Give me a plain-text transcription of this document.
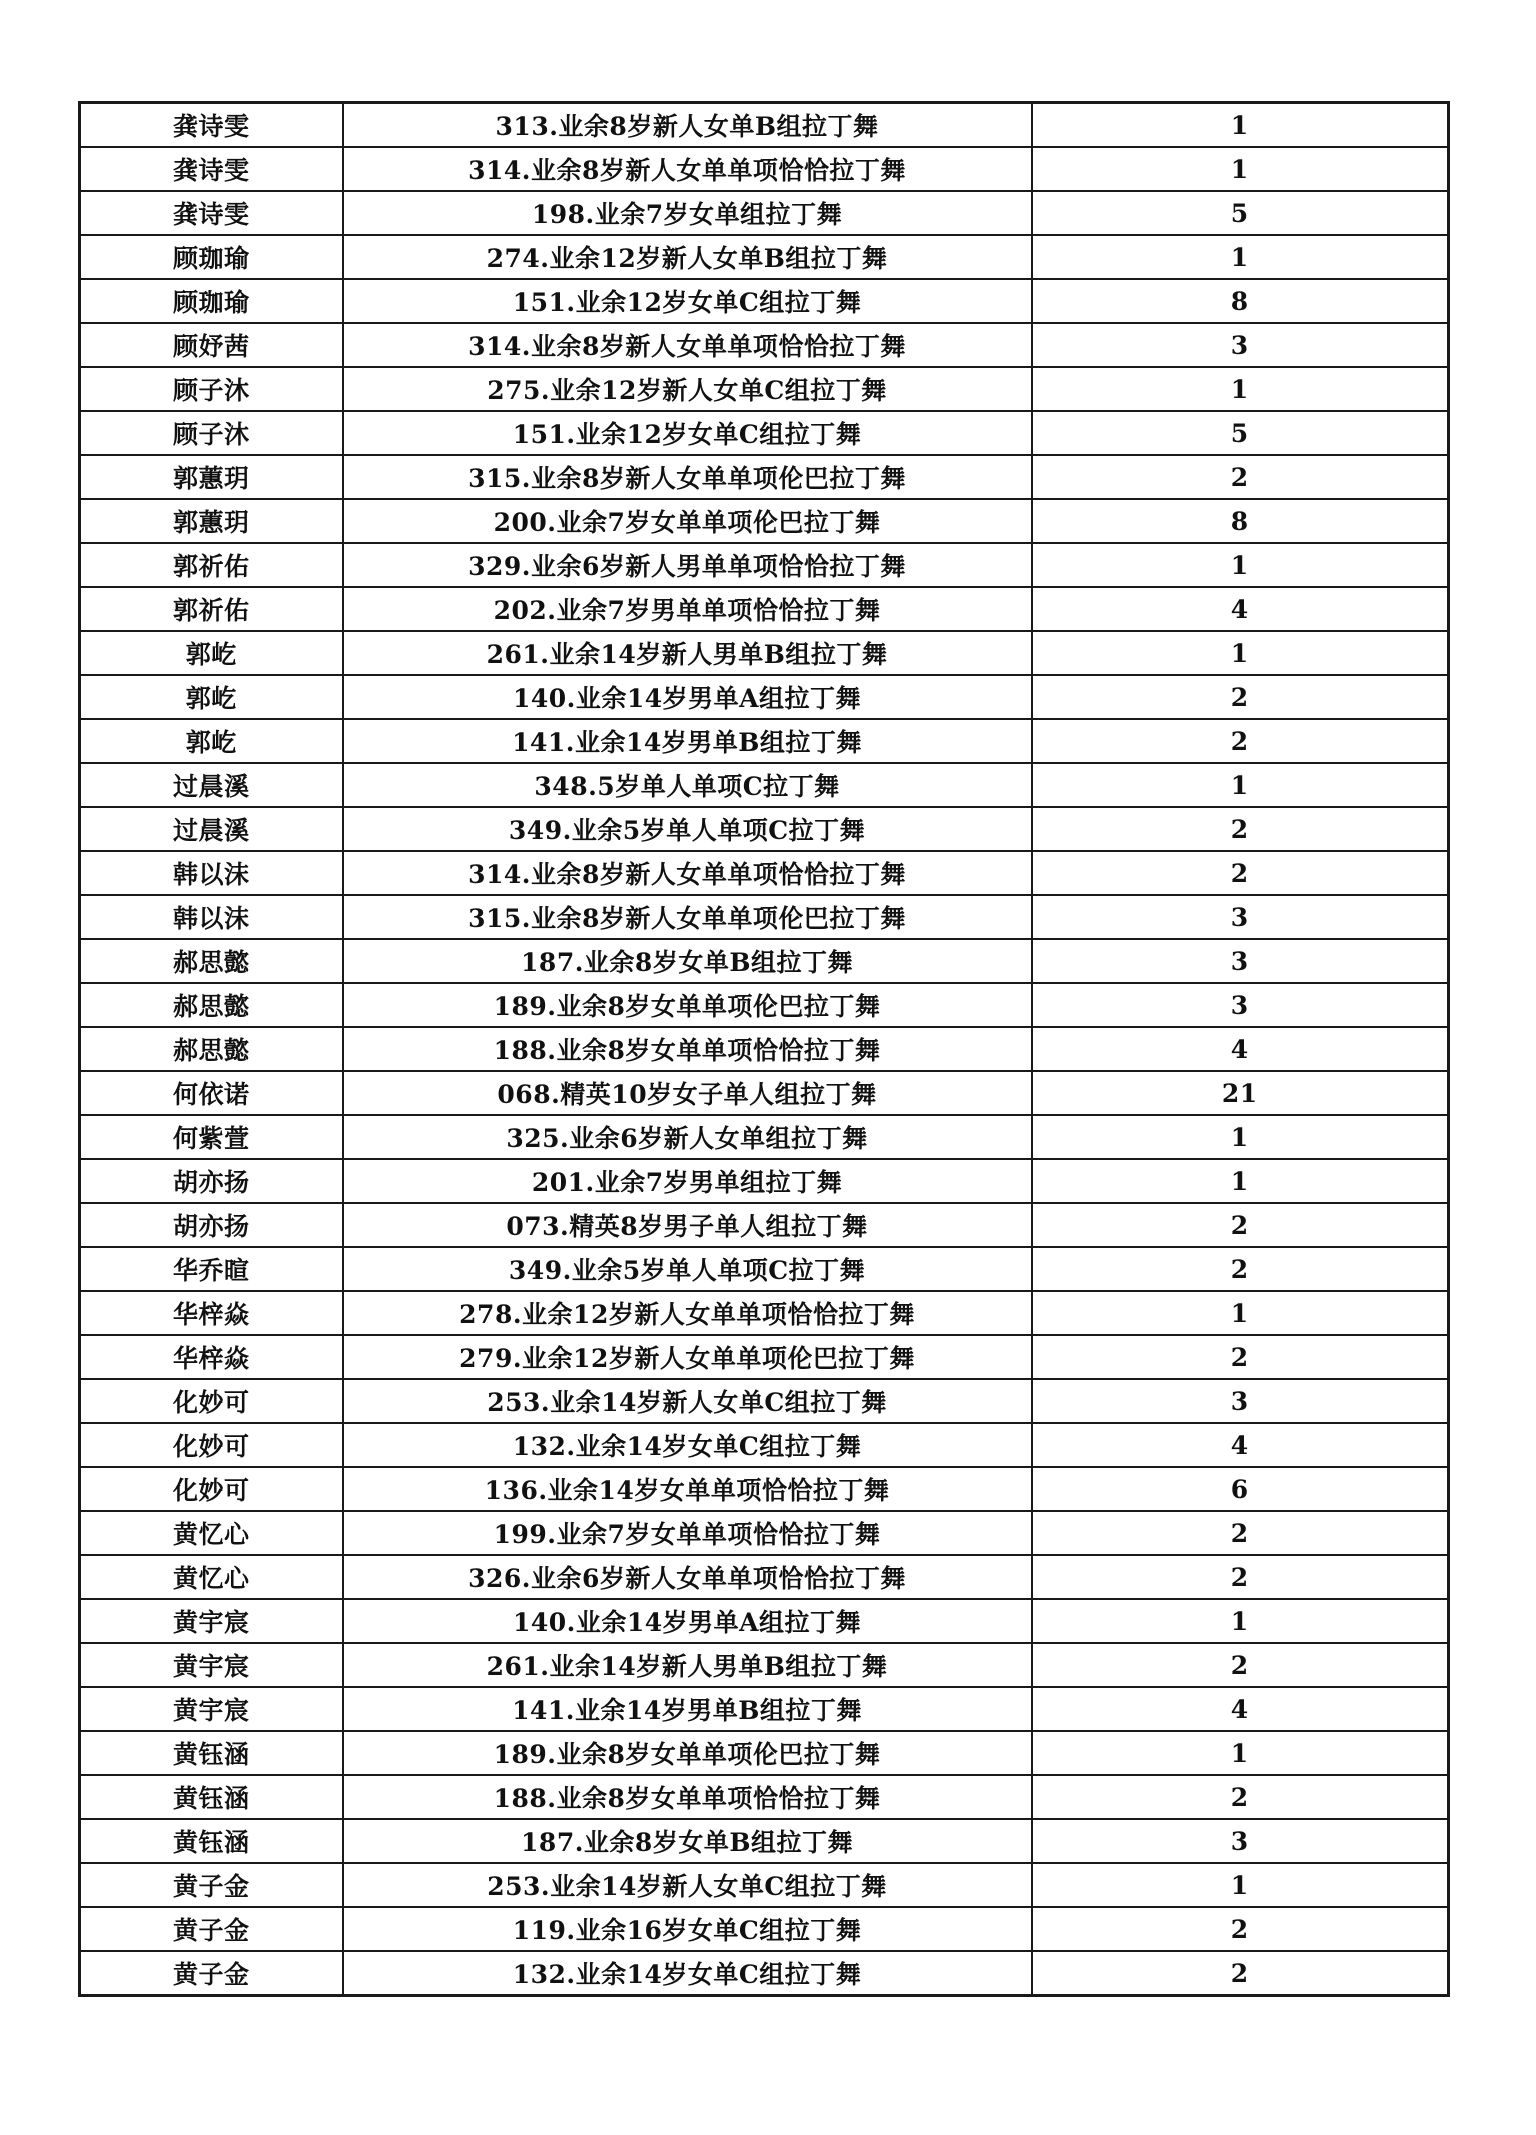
龚诗雯	313.业余8岁新人女单B组拉丁舞	1
龚诗雯	314.业余8岁新人女单单项恰恰拉丁舞	1
龚诗雯	198.业余7岁女单组拉丁舞	5
顾珈瑜	274.业余12岁新人女单B组拉丁舞	1
顾珈瑜	151.业余12岁女单C组拉丁舞	8
顾妤茜	314.业余8岁新人女单单项恰恰拉丁舞	3
顾子沐	275.业余12岁新人女单C组拉丁舞	1
顾子沐	151.业余12岁女单C组拉丁舞	5
郭蕙玥	315.业余8岁新人女单单项伦巴拉丁舞	2
郭蕙玥	200.业余7岁女单单项伦巴拉丁舞	8
郭祈佑	329.业余6岁新人男单单项恰恰拉丁舞	1
郭祈佑	202.业余7岁男单单项恰恰拉丁舞	4
郭屹	261.业余14岁新人男单B组拉丁舞	1
郭屹	140.业余14岁男单A组拉丁舞	2
郭屹	141.业余14岁男单B组拉丁舞	2
过晨溪	348.5岁单人单项C拉丁舞	1
过晨溪	349.业余5岁单人单项C拉丁舞	2
韩以沫	314.业余8岁新人女单单项恰恰拉丁舞	2
韩以沫	315.业余8岁新人女单单项伦巴拉丁舞	3
郝思懿	187.业余8岁女单B组拉丁舞	3
郝思懿	189.业余8岁女单单项伦巴拉丁舞	3
郝思懿	188.业余8岁女单单项恰恰拉丁舞	4
何依诺	068.精英10岁女子单人组拉丁舞	21
何紫萱	325.业余6岁新人女单组拉丁舞	1
胡亦扬	201.业余7岁男单组拉丁舞	1
胡亦扬	073.精英8岁男子单人组拉丁舞	2
华乔暄	349.业余5岁单人单项C拉丁舞	2
华梓焱	278.业余12岁新人女单单项恰恰拉丁舞	1
华梓焱	279.业余12岁新人女单单项伦巴拉丁舞	2
化妙可	253.业余14岁新人女单C组拉丁舞	3
化妙可	132.业余14岁女单C组拉丁舞	4
化妙可	136.业余14岁女单单项恰恰拉丁舞	6
黄忆心	199.业余7岁女单单项恰恰拉丁舞	2
黄忆心	326.业余6岁新人女单单项恰恰拉丁舞	2
黄宇宸	140.业余14岁男单A组拉丁舞	1
黄宇宸	261.业余14岁新人男单B组拉丁舞	2
黄宇宸	141.业余14岁男单B组拉丁舞	4
黄钰涵	189.业余8岁女单单项伦巴拉丁舞	1
黄钰涵	188.业余8岁女单单项恰恰拉丁舞	2
黄钰涵	187.业余8岁女单B组拉丁舞	3
黄子金	253.业余14岁新人女单C组拉丁舞	1
黄子金	119.业余16岁女单C组拉丁舞	2
黄子金	132.业余14岁女单C组拉丁舞	2
